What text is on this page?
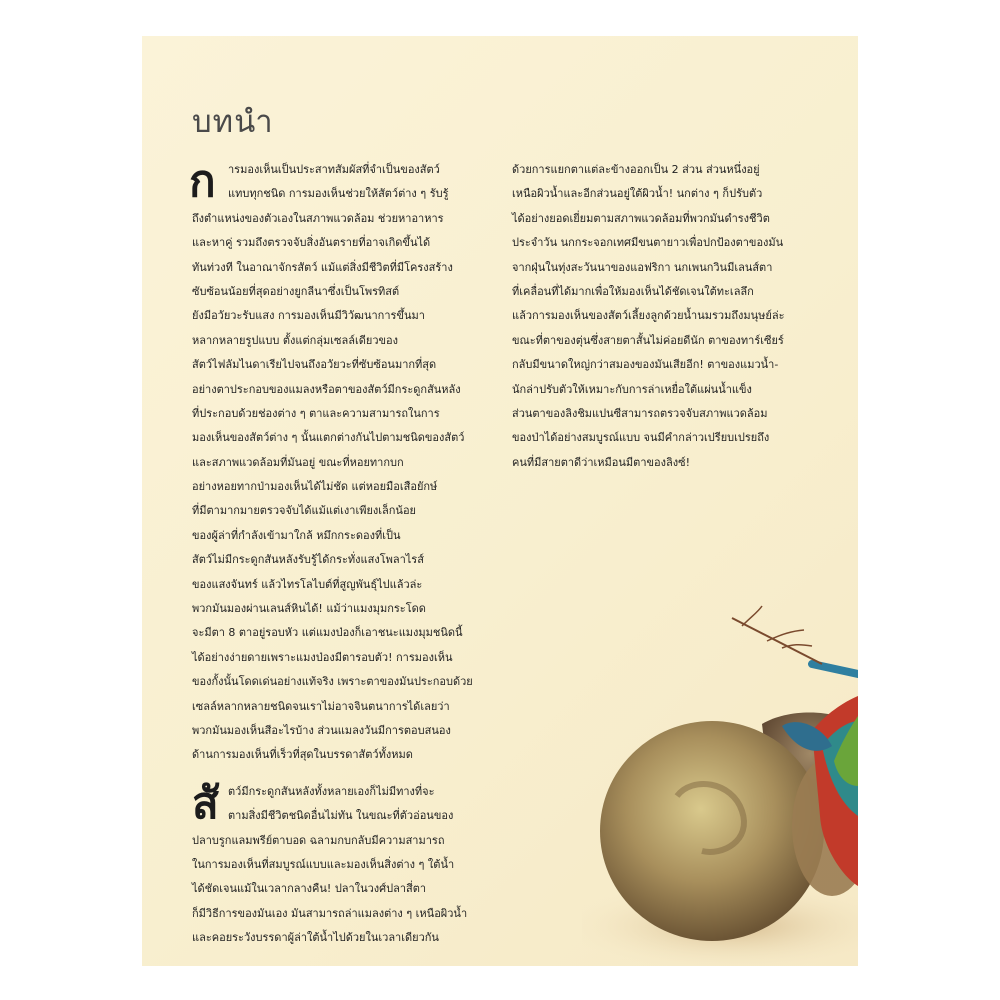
บทนำ
ก ารมองเห็นเป็นประสาทสัมผัสที่จำเป็นของสัตว์
แทบทุกชนิด การมองเห็นช่วยให้สัตว์ต่าง ๆ รับรู้
ถึงตำแหน่งของตัวเองในสภาพแวดล้อม ช่วยหาอาหาร
และหาคู่ รวมถึงตรวจจับสิ่งอันตรายที่อาจเกิดขึ้นได้
ทันท่วงที ในอาณาจักรสัตว์ แม้แต่สิ่งมีชีวิตที่มีโครงสร้าง
ซับซ้อนน้อยที่สุดอย่างยูกลีนาซึ่งเป็นโพรทิสต์
ยังมีอวัยวะรับแสง การมองเห็นมีวิวัฒนาการขึ้นมา
หลากหลายรูปแบบ ตั้งแต่กลุ่มเซลล์เดียวของ
สัตว์ไฟลัมไนดาเรียไปจนถึงอวัยวะที่ซับซ้อนมากที่สุด
อย่างตาประกอบของแมลงหรือตาของสัตว์มีกระดูกสันหลัง
ที่ประกอบด้วยช่องต่าง ๆ ตาและความสามารถในการ
มองเห็นของสัตว์ต่าง ๆ นั้นแตกต่างกันไปตามชนิดของสัตว์
และสภาพแวดล้อมที่มันอยู่ ขณะที่หอยทากบก
อย่างหอยทากป่ามองเห็นได้ไม่ชัด แต่หอยมือเสือยักษ์
ที่มีตามากมายตรวจจับได้แม้แต่เงาเพียงเล็กน้อย
ของผู้ล่าที่กำลังเข้ามาใกล้ หมึกกระดองที่เป็น
สัตว์ไม่มีกระดูกสันหลังรับรู้ได้กระทั่งแสงโพลาไรส์
ของแสงจันทร์ แล้วไทรโลไบต์ที่สูญพันธุ์ไปแล้วล่ะ
พวกมันมองผ่านเลนส์หินได้! แม้ว่าแมงมุมกระโดด
จะมีตา 8 ตาอยู่รอบหัว แต่แมงป่องก็เอาชนะแมงมุมชนิดนี้
ได้อย่างง่ายดายเพราะแมงป่องมีตารอบตัว! การมองเห็น
ของกั้งนั้นโดดเด่นอย่างแท้จริง เพราะตาของมันประกอบด้วย
เซลล์หลากหลายชนิดจนเราไม่อาจจินตนาการได้เลยว่า
พวกมันมองเห็นสีอะไรบ้าง ส่วนแมลงวันมีการตอบสนอง
ด้านการมองเห็นที่เร็วที่สุดในบรรดาสัตว์ทั้งหมด
สั ตว์มีกระดูกสันหลังทั้งหลายเองก็ไม่มีทางที่จะ
ตามสิ่งมีชีวิตชนิดอื่นไม่ทัน ในขณะที่ตัวอ่อนของ
ปลาบรูกแลมพรีย์ตาบอด ฉลามกบกลับมีความสามารถ
ในการมองเห็นที่สมบูรณ์แบบและมองเห็นสิ่งต่าง ๆ ใต้น้ำ
ได้ชัดเจนแม้ในเวลากลางคืน! ปลาในวงศ์ปลาสี่ตา
ก็มีวิธีการของมันเอง มันสามารถล่าแมลงต่าง ๆ เหนือผิวน้ำ
และคอยระวังบรรดาผู้ล่าใต้น้ำไปด้วยในเวลาเดียวกัน
ด้วยการแยกตาแต่ละข้างออกเป็น 2 ส่วน ส่วนหนึ่งอยู่
เหนือผิวน้ำและอีกส่วนอยู่ใต้ผิวน้ำ! นกต่าง ๆ ก็ปรับตัว
ได้อย่างยอดเยี่ยมตามสภาพแวดล้อมที่พวกมันดำรงชีวิต
ประจำวัน นกกระจอกเทศมีขนตายาวเพื่อปกป้องตาของมัน
จากฝุ่นในทุ่งสะวันนาของแอฟริกา นกเพนกวินมีเลนส์ตา
ที่เคลื่อนที่ได้มากเพื่อให้มองเห็นได้ชัดเจนใต้ทะเลลึก
แล้วการมองเห็นของสัตว์เลี้ยงลูกด้วยน้ำนมรวมถึงมนุษย์ล่ะ
ขณะที่ตาของตุ่นซึ่งสายตาสั้นไม่ค่อยดีนัก ตาของทาร์เซียร์
กลับมีขนาดใหญ่กว่าสมองของมันเสียอีก! ตาของแมวน้ำ-
นักล่าปรับตัวให้เหมาะกับการล่าเหยื่อใต้แผ่นน้ำแข็ง
ส่วนตาของลิงชิมแปนซีสามารถตรวจจับสภาพแวดล้อม
ของป่าได้อย่างสมบูรณ์แบบ จนมีคำกล่าวเปรียบเปรยถึง
คนที่มีสายตาดีว่าเหมือนมีตาของลิงซ์!
